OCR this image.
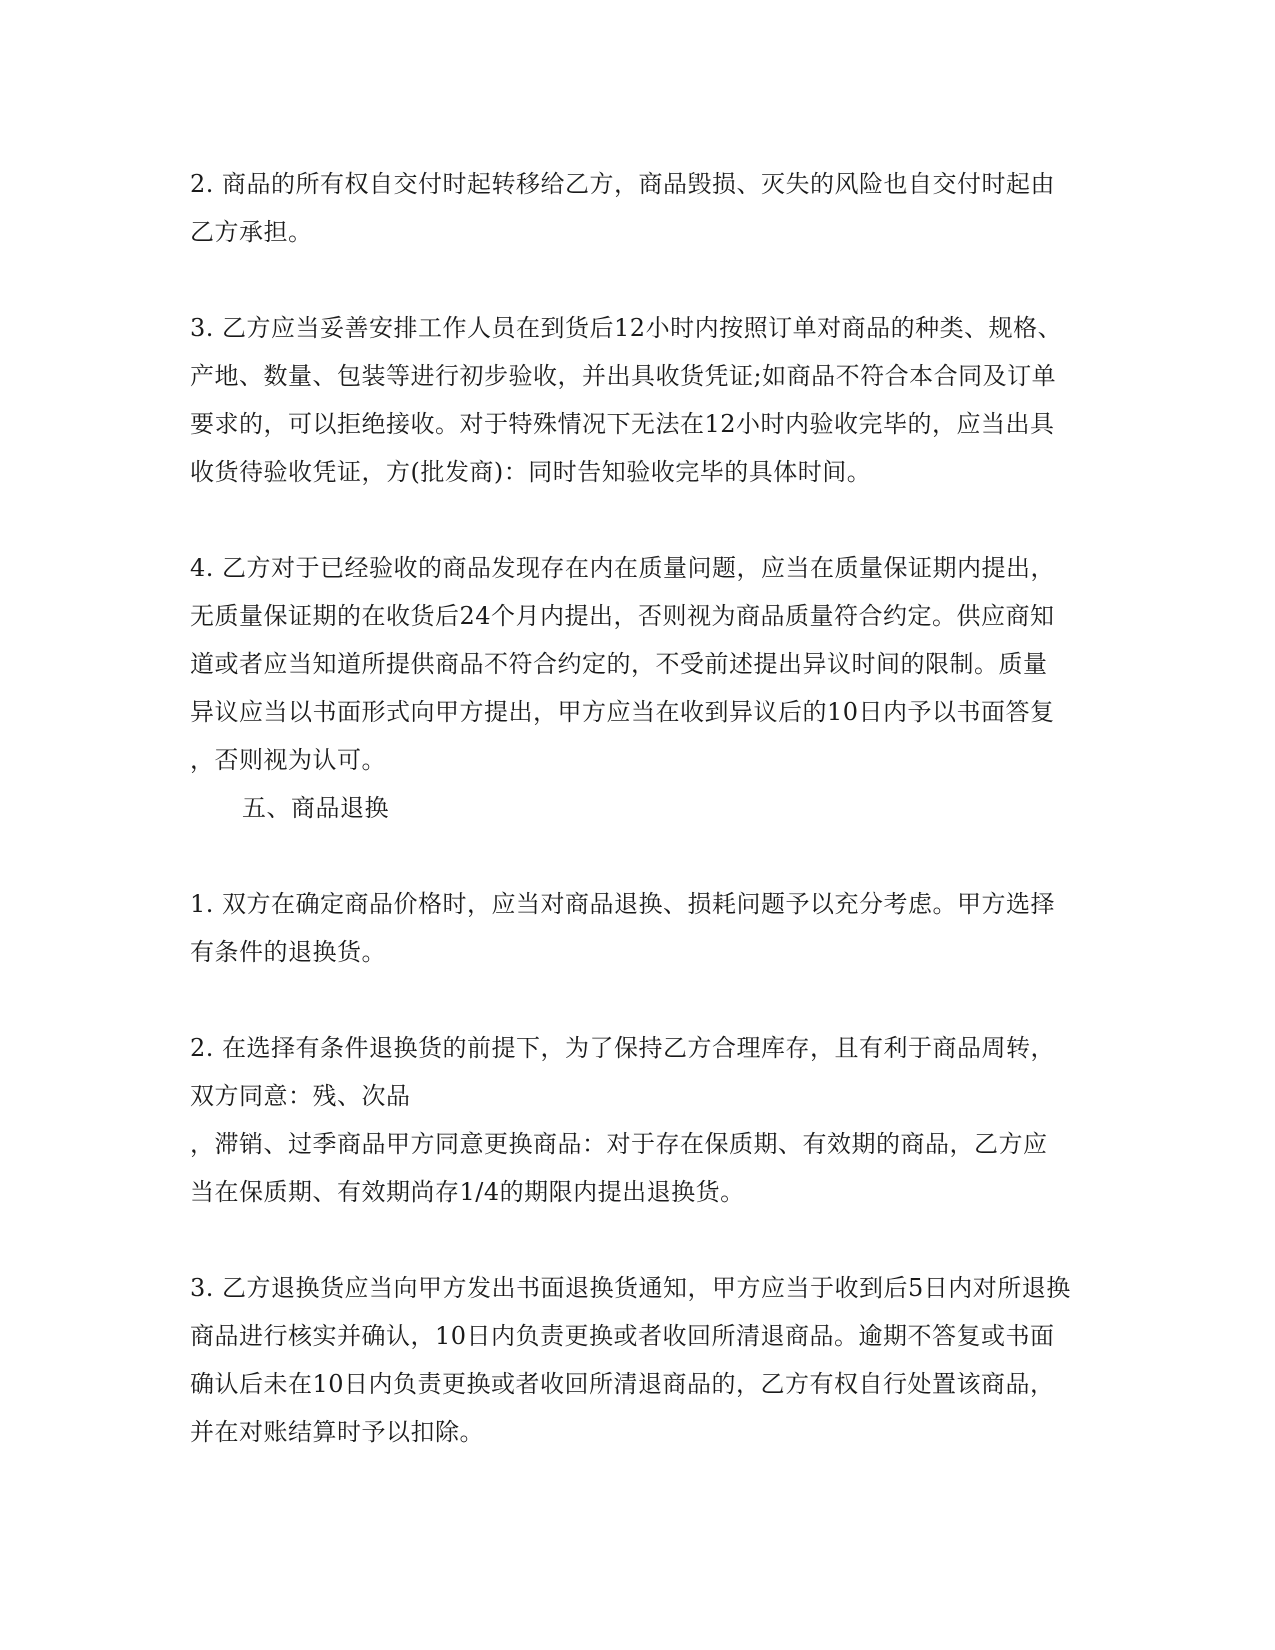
2. 商品的所有权自交付时起转移给乙方，商品毁损、灭失的风险也自交付时起由
乙方承担。
3. 乙方应当妥善安排工作人员在到货后12小时内按照订单对商品的种类、规格、
产地、数量、包装等进行初步验收，并出具收货凭证;如商品不符合本合同及订单
要求的，可以拒绝接收。对于特殊情况下无法在12小时内验收完毕的，应当出具
收货待验收凭证，方(批发商)：同时告知验收完毕的具体时间。
4. 乙方对于已经验收的商品发现存在内在质量问题，应当在质量保证期内提出，
无质量保证期的在收货后24个月内提出，否则视为商品质量符合约定。供应商知
道或者应当知道所提供商品不符合约定的，不受前述提出异议时间的限制。质量
异议应当以书面形式向甲方提出，甲方应当在收到异议后的10日内予以书面答复
，否则视为认可。
五、商品退换
1. 双方在确定商品价格时，应当对商品退换、损耗问题予以充分考虑。甲方选择
有条件的退换货。
2. 在选择有条件退换货的前提下，为了保持乙方合理库存，且有利于商品周转，
双方同意：残、次品
，滞销、过季商品甲方同意更换商品：对于存在保质期、有效期的商品，乙方应
当在保质期、有效期尚存1/4的期限内提出退换货。
3. 乙方退换货应当向甲方发出书面退换货通知，甲方应当于收到后5日内对所退换
商品进行核实并确认，10日内负责更换或者收回所清退商品。逾期不答复或书面
确认后未在10日内负责更换或者收回所清退商品的，乙方有权自行处置该商品，
并在对账结算时予以扣除。
